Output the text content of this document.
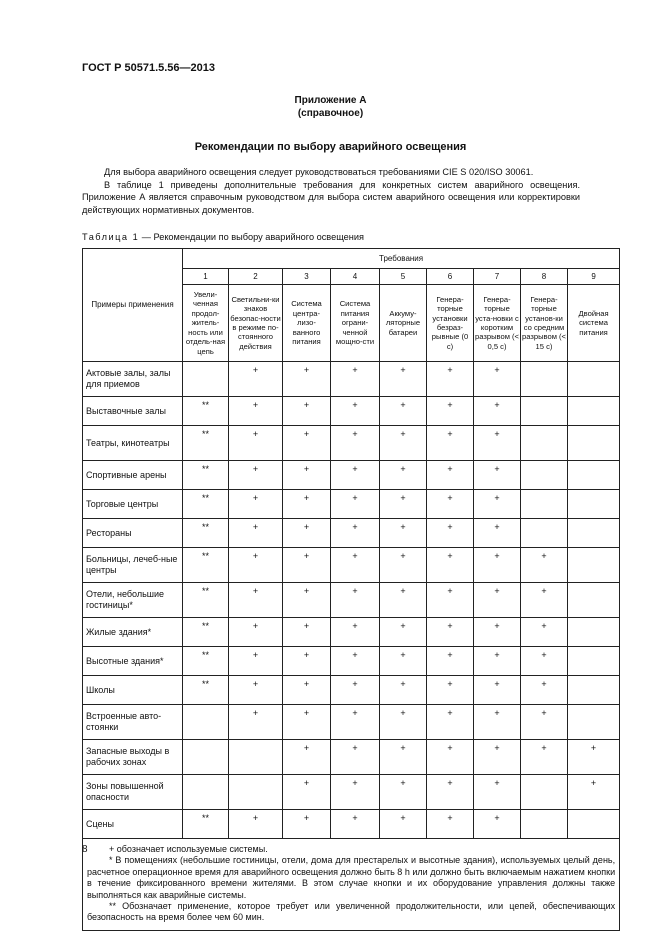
ГОСТ Р 50571.5.56—2013
Приложение А
(справочное)
Рекомендации по выбору аварийного освещения

Для выбора аварийного освещения следует руководствоваться требованиями CIE S 020/ISO 30061.

В таблице 1 приведены дополнительные требования для конкретных систем аварийного освещения. Приложение А является справочным руководством для выбора систем аварийного освещения или корректировки действующих нормативных документов.

Таблица 1 — Рекомендации по выбору аварийного освещения
Примеры применения	Требования								
	1	2	3	4	5	6	7	8	9
	Увели-ченная продол-житель-ность или отдель-ная цепь	Светильни-ки знаков безопас-ности в режиме по-стоянного действия	Система центра-лизо-ванного питания	Система питания ограни-ченной мощно-сти	Аккуму-ляторные батареи	Генера-торные установки безраз-рывные (0 с)	Генера-торные уста-новки с коротким разрывом (< 0,5 с)	Генера-торные установ-ки со средним разрывом (< 15 с)	Двойная система питания
Актовые залы, залы для приемов		+	+	+	+	+	+		
Выставочные залы	**	+	+	+	+	+	+		
Театры, кинотеатры	**	+	+	+	+	+	+		
Спортивные арены	**	+	+	+	+	+	+		
Торговые центры	**	+	+	+	+	+	+		
Рестораны	**	+	+	+	+	+	+		
Больницы, лечеб-ные центры	**	+	+	+	+	+	+	+	
Отели, небольшие гостиницы*	**	+	+	+	+	+	+	+	
Жилые здания*	**	+	+	+	+	+	+	+	
Высотные здания*	**	+	+	+	+	+	+	+	
Школы	**	+	+	+	+	+	+	+	
Встроенные авто-стоянки		+	+	+	+	+	+	+	
Запасные выходы в рабочих зонах			+	+	+	+	+	+	+
Зоны повышенной опасности			+	+	+	+	+		+
Сцены	**	+	+	+	+	+	+		

+ обозначает используемые системы.

* В помещениях (небольшие гостиницы, отели, дома для престарелых и высотные здания), используемых целый день, расчетное операционное время для аварийного освещения должно быть 8 h или должно быть включаемым нажатием кнопки в течение фиксированного времени жителями. В этом случае кнопки и их оборудование управления должны также выполняться как аварийные системы.

** Обозначает применение, которое требует или увеличенной продолжительности, или цепей, обеспечивающих безопасность на время более чем 60 мин.									

8
